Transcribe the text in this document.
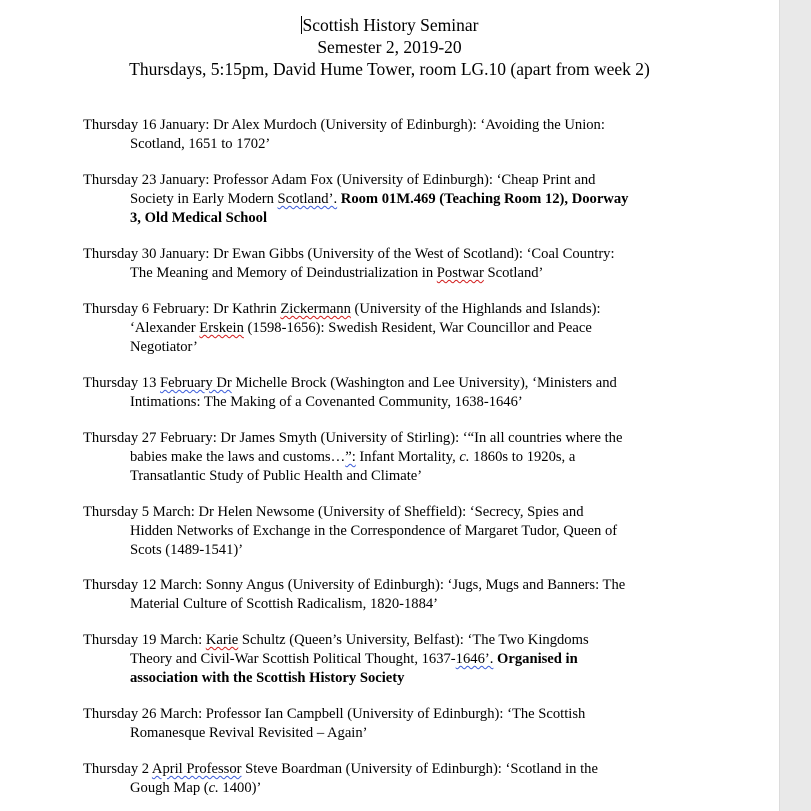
Scottish History Seminar
Semester 2, 2019-20
Thursdays, 5:15pm, David Hume Tower, room LG.10 (apart from week 2)
Thursday 16 January: Dr Alex Murdoch (University of Edinburgh): ‘Avoiding the Union:
Scotland, 1651 to 1702’
Thursday 23 January: Professor Adam Fox (University of Edinburgh): ‘Cheap Print and
Society in Early Modern Scotland’. Room 01M.469 (Teaching Room 12), Doorway
3, Old Medical School
Thursday 30 January: Dr Ewan Gibbs (University of the West of Scotland): ‘Coal Country:
The Meaning and Memory of Deindustrialization in Postwar Scotland’
Thursday 6 February: Dr Kathrin Zickermann (University of the Highlands and Islands):
‘Alexander Erskein (1598-1656): Swedish Resident, War Councillor and Peace
Negotiator’
Thursday 13 February Dr Michelle Brock (Washington and Lee University), ‘Ministers and
Intimations: The Making of a Covenanted Community, 1638-1646’
Thursday 27 February: Dr James Smyth (University of Stirling): ‘“In all countries where the
babies make the laws and customs…”: Infant Mortality, c. 1860s to 1920s, a
Transatlantic Study of Public Health and Climate’
Thursday 5 March: Dr Helen Newsome (University of Sheffield): ‘Secrecy, Spies and
Hidden Networks of Exchange in the Correspondence of Margaret Tudor, Queen of
Scots (1489-1541)’
Thursday 12 March: Sonny Angus (University of Edinburgh): ‘Jugs, Mugs and Banners: The
Material Culture of Scottish Radicalism, 1820-1884’
Thursday 19 March: Karie Schultz (Queen’s University, Belfast): ‘The Two Kingdoms
Theory and Civil-War Scottish Political Thought, 1637-1646’. Organised in
association with the Scottish History Society
Thursday 26 March: Professor Ian Campbell (University of Edinburgh): ‘The Scottish
Romanesque Revival Revisited – Again’
Thursday 2 April Professor Steve Boardman (University of Edinburgh): ‘Scotland in the
Gough Map (c. 1400)’
